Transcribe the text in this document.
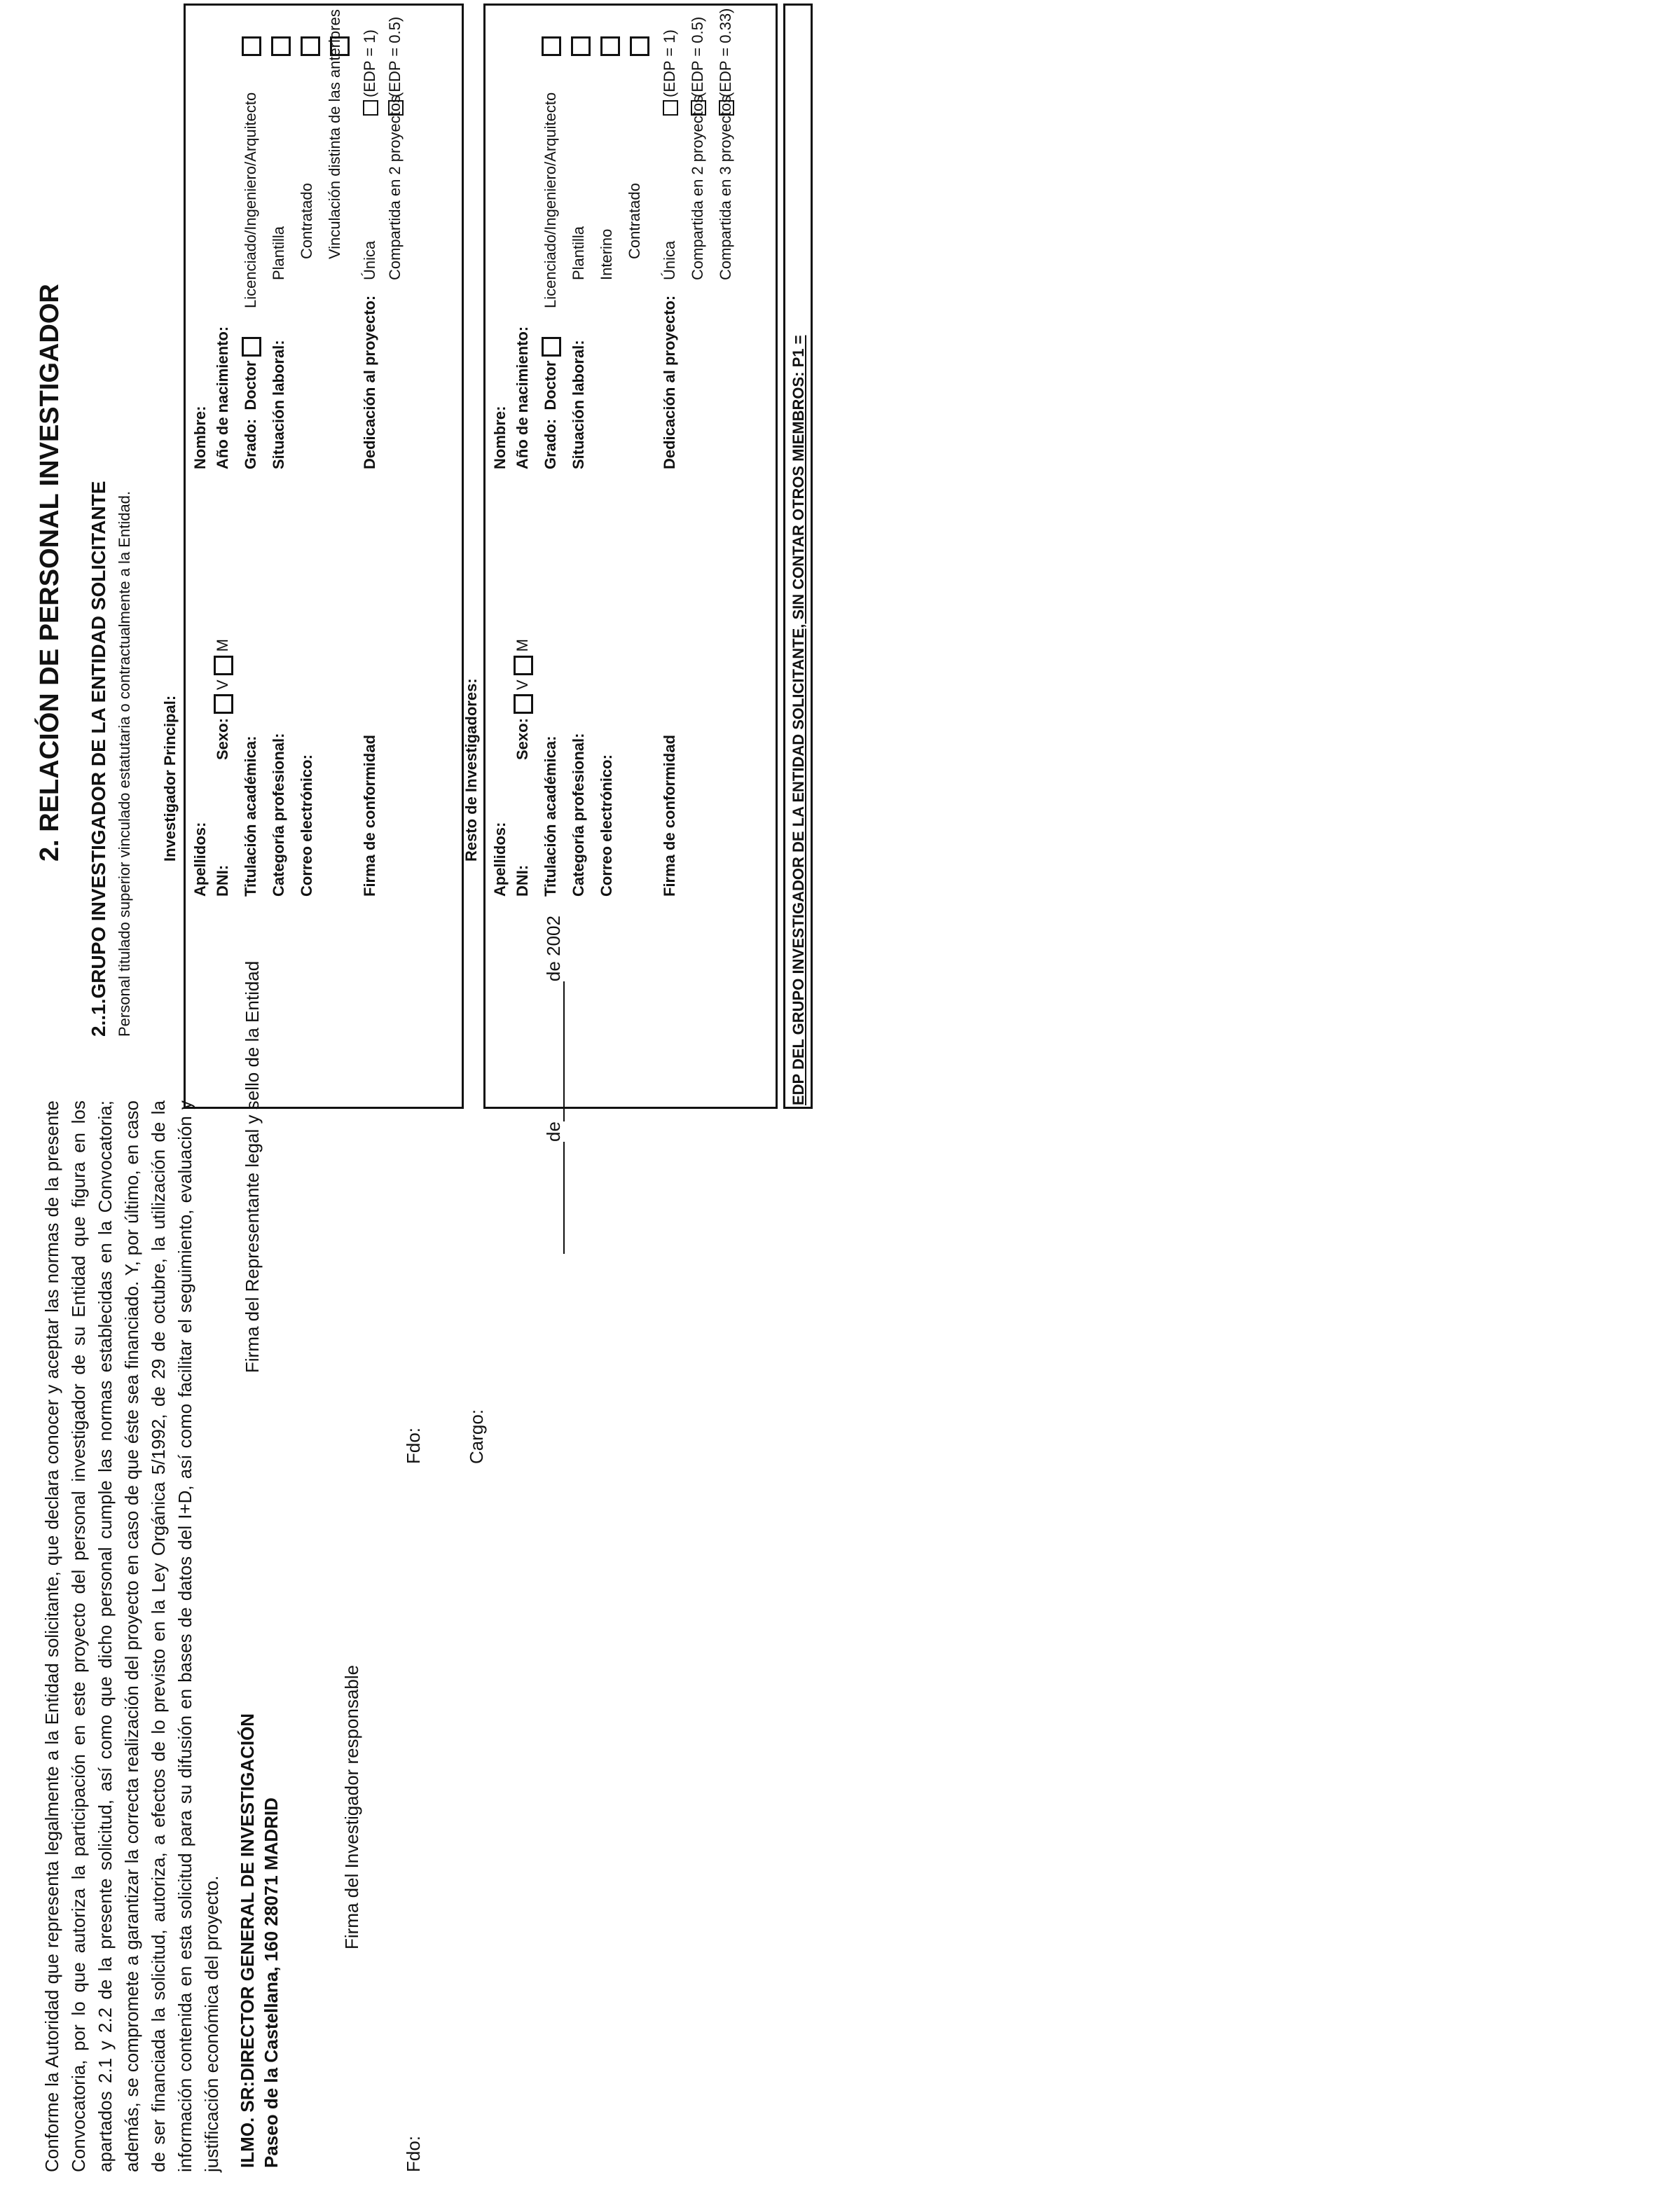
Conforme la Autoridad que representa legalmente a la Entidad solicitante, que declara conocer y aceptar las normas de la presente Convocatoria, por lo que autoriza la participación en este proyecto del personal investigador de su Entidad que figura en los apartados 2.1 y 2.2 de la presente solicitud, así como que dicho personal cumple las normas establecidas en la Convocatoria; además, se compromete a garantizar la correcta realización del proyecto en caso de que éste sea financiado. Y, por último, en caso de ser financiada la solicitud, autoriza, a efectos de lo previsto en la Ley Orgánica 5/1992, de 29 de octubre, la utilización de la información contenida en esta solicitud para su difusión en bases de datos del I+D, así como facilitar el seguimiento, evaluación y justificación económica del proyecto.
Firma del Investigador responsable
Firma del Representante legal y sello de la Entidad
Fdo:
Fdo: Cargo:
dede 2002
ILMO. SR:DIRECTOR GENERAL DE INVESTIGACIÓN Paseo de la Castellana, 160 28071 MADRID
2. RELACIÓN DE PERSONAL INVESTIGADOR 2..1.GRUPO INVESTIGADOR DE LA ENTIDAD SOLICITANTE Personal titulado superior vinculado estatutaria o contractualmente a la Entidad. Investigador Principal: Apellidos:
Nombre:
DNI:
Sexo:VM
Año de nacimiento:
Titulación académica:
Grado:  Doctor
Licenciado/Ingeniero/Arquitecto
Categoría profesional:
Situación laboral:
Plantilla Contratado Vinculación distinta de las anteriores
Correo electrónico:	Firma de conformidad
Dedicación al proyecto:
Única
(EDP = 1)
Compartida en 2 proyectos
(EDP = 0.5)
Resto de Investigadores: Apellidos:
Nombre:
DNI:
Sexo:VM
Año de nacimiento:
Titulación académica:
Grado:  Doctor
Licenciado/Ingeniero/Arquitecto
Categoría profesional:
Situación laboral:
Plantilla Interino Contratado
Correo electrónico:	Firma de conformidad
Dedicación al proyecto:
Única
(EDP = 1)
Compartida en 2 proyectos
(EDP = 0.5)
Compartida en 3 proyectos
(EDP = 0.33)
EDP DEL GRUPO INVESTIGADOR DE LA ENTIDAD SOLICITANTE, SIN CONTAR OTROS MIEMBROS: P1 =
